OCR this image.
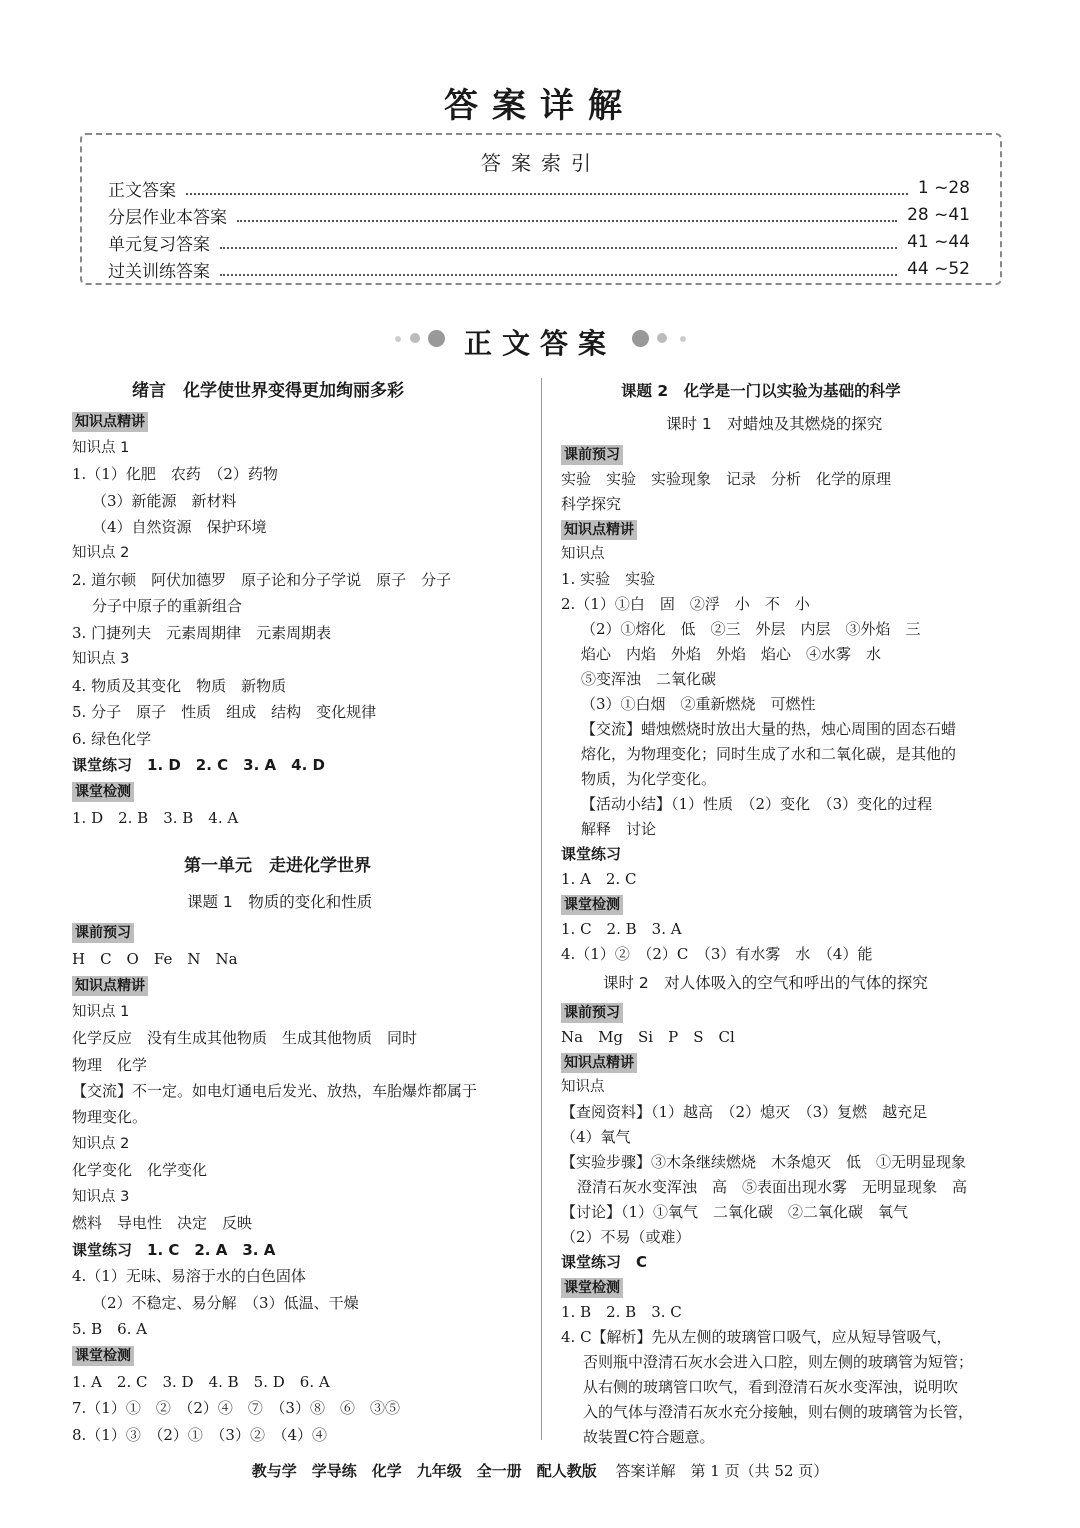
答案详解
答案索引
正文答案	1 ~28
分层作业本答案	28 ~41
单元复习答案	41 ~44
过关训练答案	44 ~52
正文答案
绪言　化学使世界变得更加绚丽多彩
知识点精讲
知识点 1
1.（1）化肥　农药　（2）药物
（3）新能源　新材料
（4）自然资源　保护环境
知识点 2
2. 道尔顿　阿伏加德罗　原子论和分子学说　原子　分子
分子中原子的重新组合
3. 门捷列夫　元素周期律　元素周期表
知识点 3
4. 物质及其变化　物质　新物质
5. 分子　原子　性质　组成　结构　变化规律
6. 绿色化学
课堂练习　1. D　2. C　3. A　4. D
课堂检测
1. D　2. B　3. B　4. A
第一单元　走进化学世界
课题 1　物质的变化和性质
课前预习
H　C　O　Fe　N　Na
知识点精讲
知识点 1
化学反应　没有生成其他物质　生成其他物质　同时
物理　化学
【交流】不一定。如电灯通电后发光、放热，车胎爆炸都属于
物理变化。
知识点 2
化学变化　化学变化
知识点 3
燃料　导电性　决定　反映
课堂练习　1. C　2. A　3. A
4.（1）无味、易溶于水的白色固体
（2）不稳定、易分解　（3）低温、干燥
5. B　6. A
课堂检测
1. A　2. C　3. D　4. B　5. D　6. A
7.（1）①　②　（2）④　⑦　（3）⑧　⑥　③⑤
8.（1）③　（2）①　（3）②　（4）④
课题 2　化学是一门以实验为基础的科学
课时 1　对蜡烛及其燃烧的探究
课前预习
实验　实验　实验现象　记录　分析　化学的原理
科学探究
知识点精讲
知识点
1. 实验　实验
2.（1）①白　固　②浮　小　不　小
（2）①熔化　低　②三　外层　内层　③外焰　三
焰心　内焰　外焰　外焰　焰心　④水雾　水
⑤变浑浊　二氧化碳
（3）①白烟　②重新燃烧　可燃性
【交流】蜡烛燃烧时放出大量的热，烛心周围的固态石蜡
熔化，为物理变化；同时生成了水和二氧化碳，是其他的
物质，为化学变化。
【活动小结】（1）性质　（2）变化　（3）变化的过程
解释　讨论
课堂练习
1. A　2. C
课堂检测
1. C　2. B　3. A
4.（1）②　（2）C　（3）有水雾　水　（4）能
课时 2　对人体吸入的空气和呼出的气体的探究
课前预习
Na　Mg　Si　P　S　Cl
知识点精讲
知识点
【查阅资料】（1）越高　（2）熄灭　（3）复燃　越充足
（4）氧气
【实验步骤】③木条继续燃烧　木条熄灭　低　①无明显现象
澄清石灰水变浑浊　高　⑤表面出现水雾　无明显现象　高
【讨论】（1）①氧气　二氧化碳　②二氧化碳　氧气
（2）不易（或难）
课堂练习　C
课堂检测
1. B　2. B　3. C
4. C【解析】先从左侧的玻璃管口吸气，应从短导管吸气，
否则瓶中澄清石灰水会进入口腔，则左侧的玻璃管为短管；
从右侧的玻璃管口吹气，看到澄清石灰水变浑浊，说明吹
入的气体与澄清石灰水充分接触，则右侧的玻璃管为长管，
故装置C符合题意。
教与学　学导练　化学　九年级　全一册　配人教版 答案详解　第 1 页（共 52 页）
